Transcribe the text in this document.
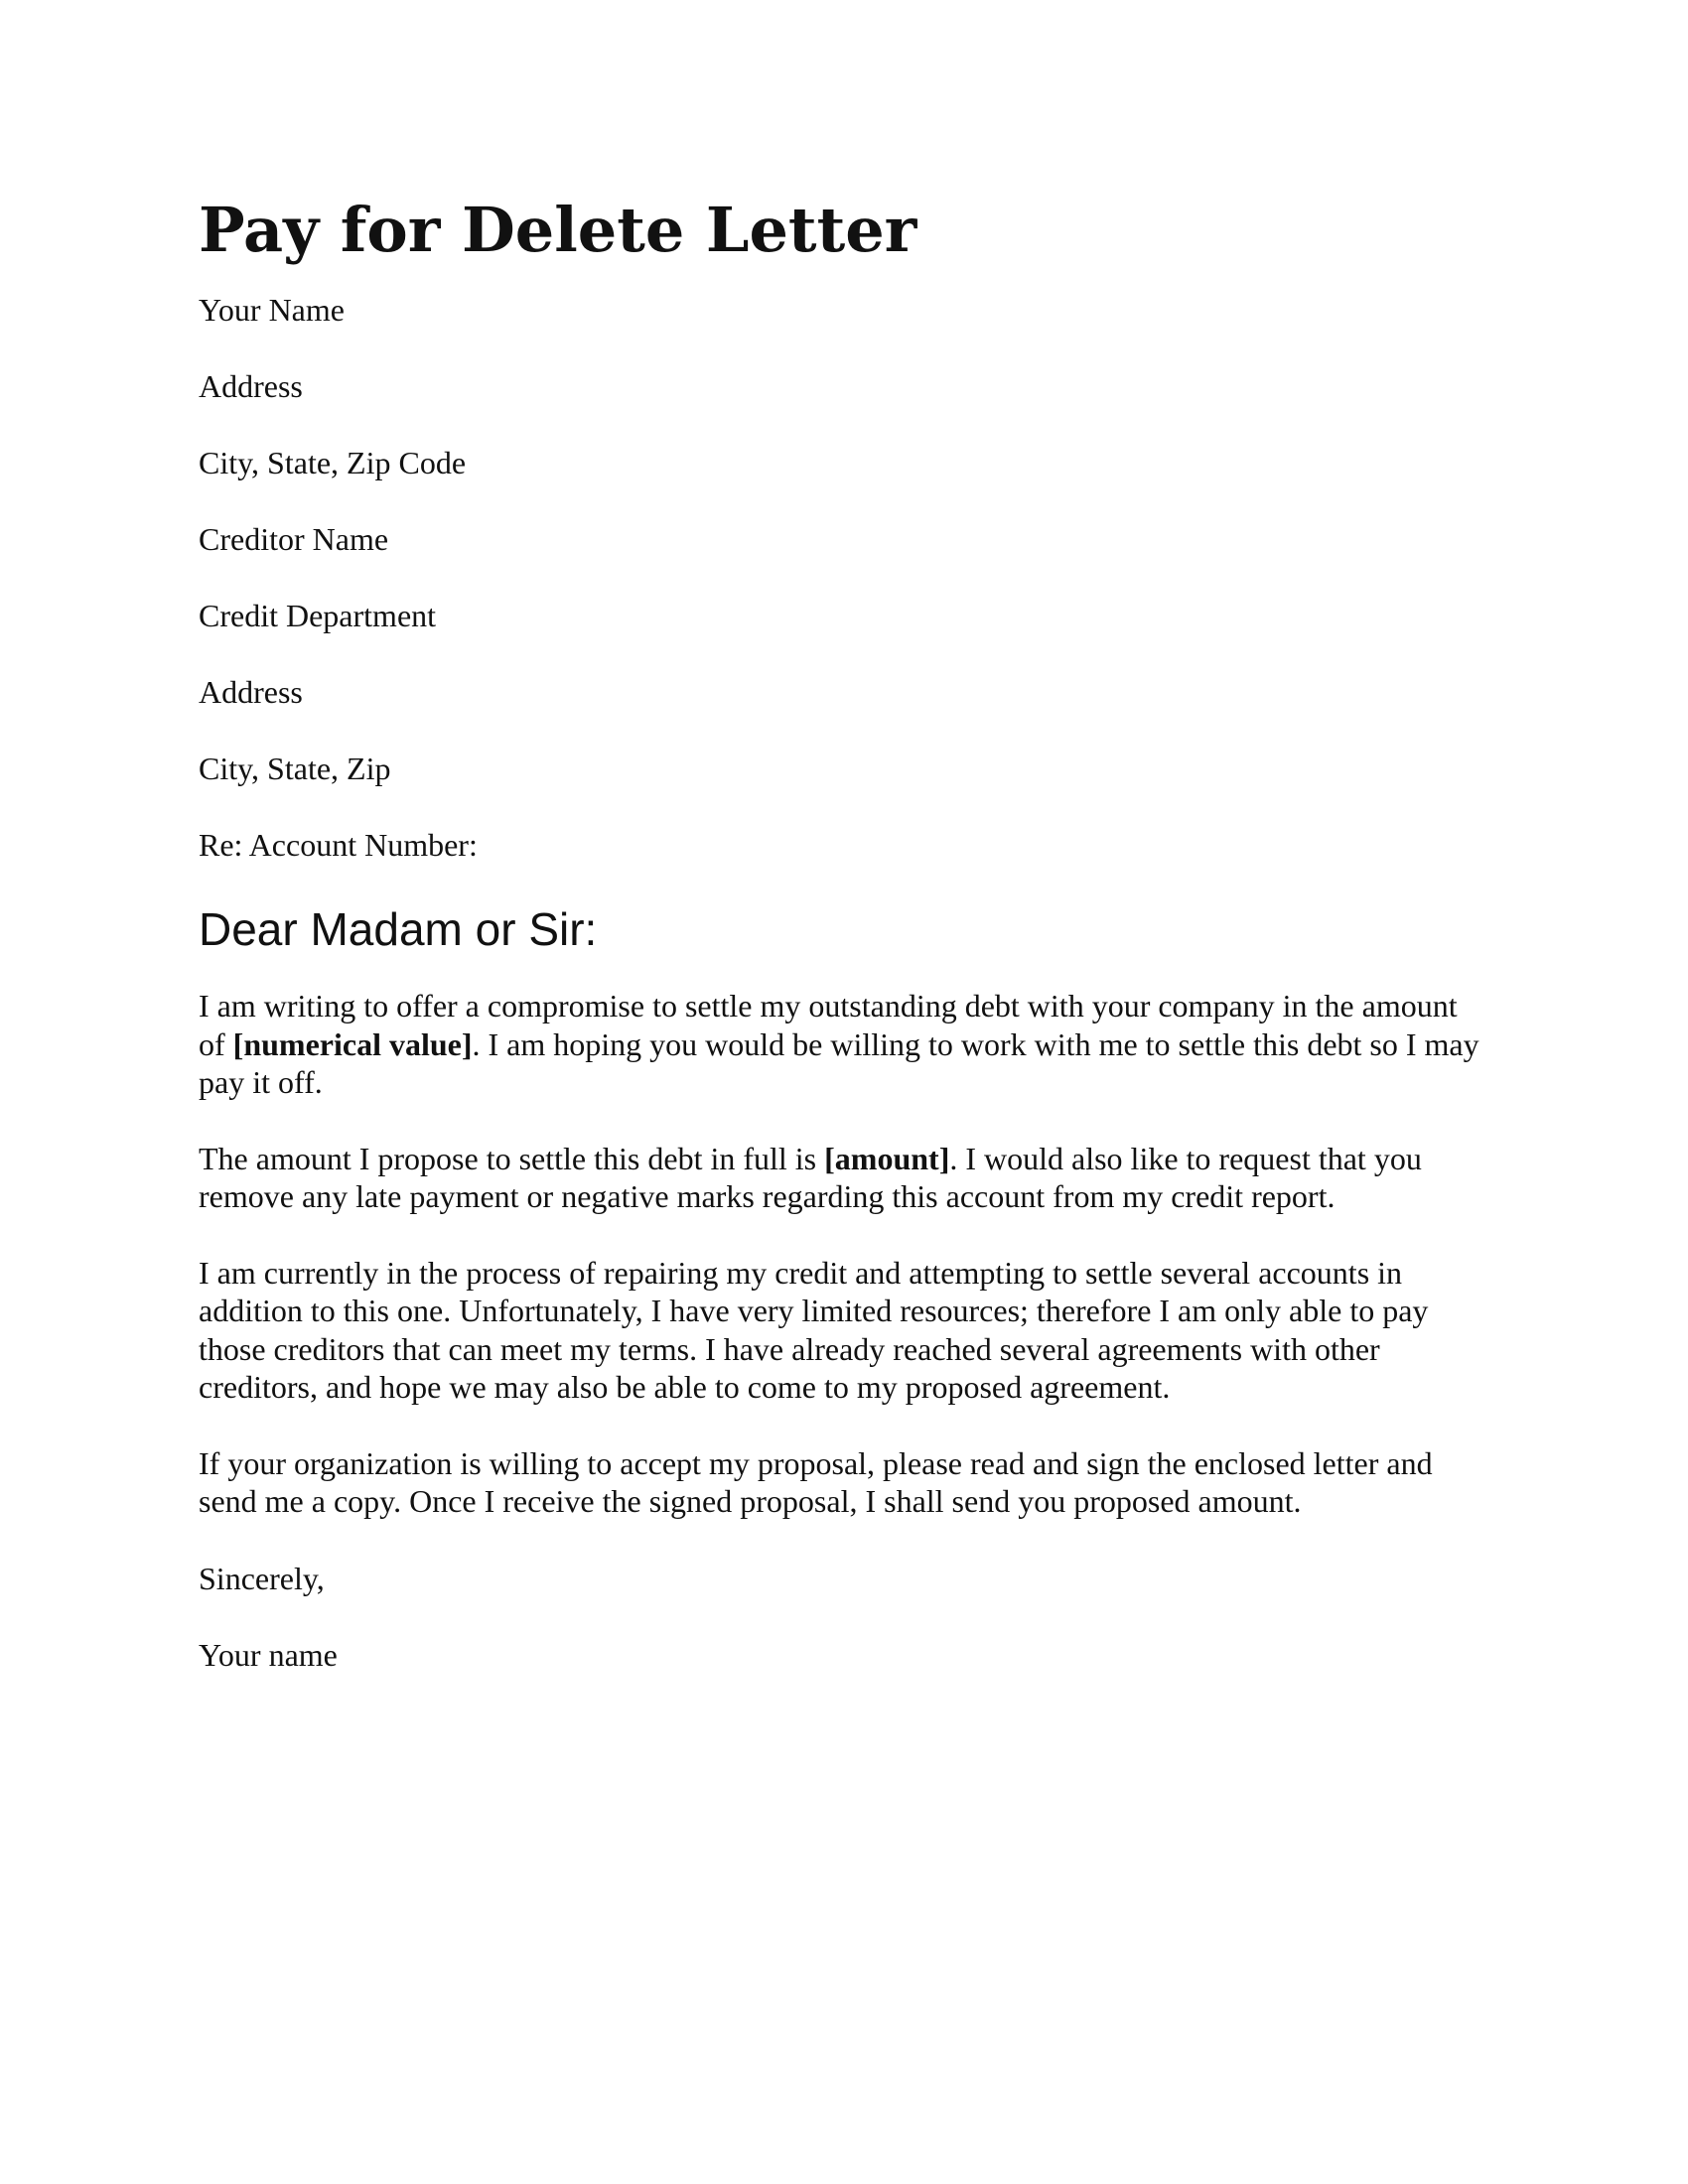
Pay for Delete Letter
Your Name
Address
City, State, Zip Code
Creditor Name
Credit Department
Address
City, State, Zip
Re: Account Number:
Dear Madam or Sir:

I am writing to offer a compromise to settle my outstanding debt with your company in the amount of [numerical value]. I am hoping you would be willing to work with me to settle this debt so I may pay it off.

The amount I propose to settle this debt in full is [amount]. I would also like to request that you remove any late payment or negative marks regarding this account from my credit report.

I am currently in the process of repairing my credit and attempting to settle several accounts in addition to this one. Unfortunately, I have very limited resources; therefore I am only able to pay those creditors that can meet my terms. I have already reached several agreements with other creditors, and hope we may also be able to come to my proposed agreement.

If your organization is willing to accept my proposal, please read and sign the enclosed letter and send me a copy. Once I receive the signed proposal, I shall send you proposed amount.

Sincerely,
Your name
